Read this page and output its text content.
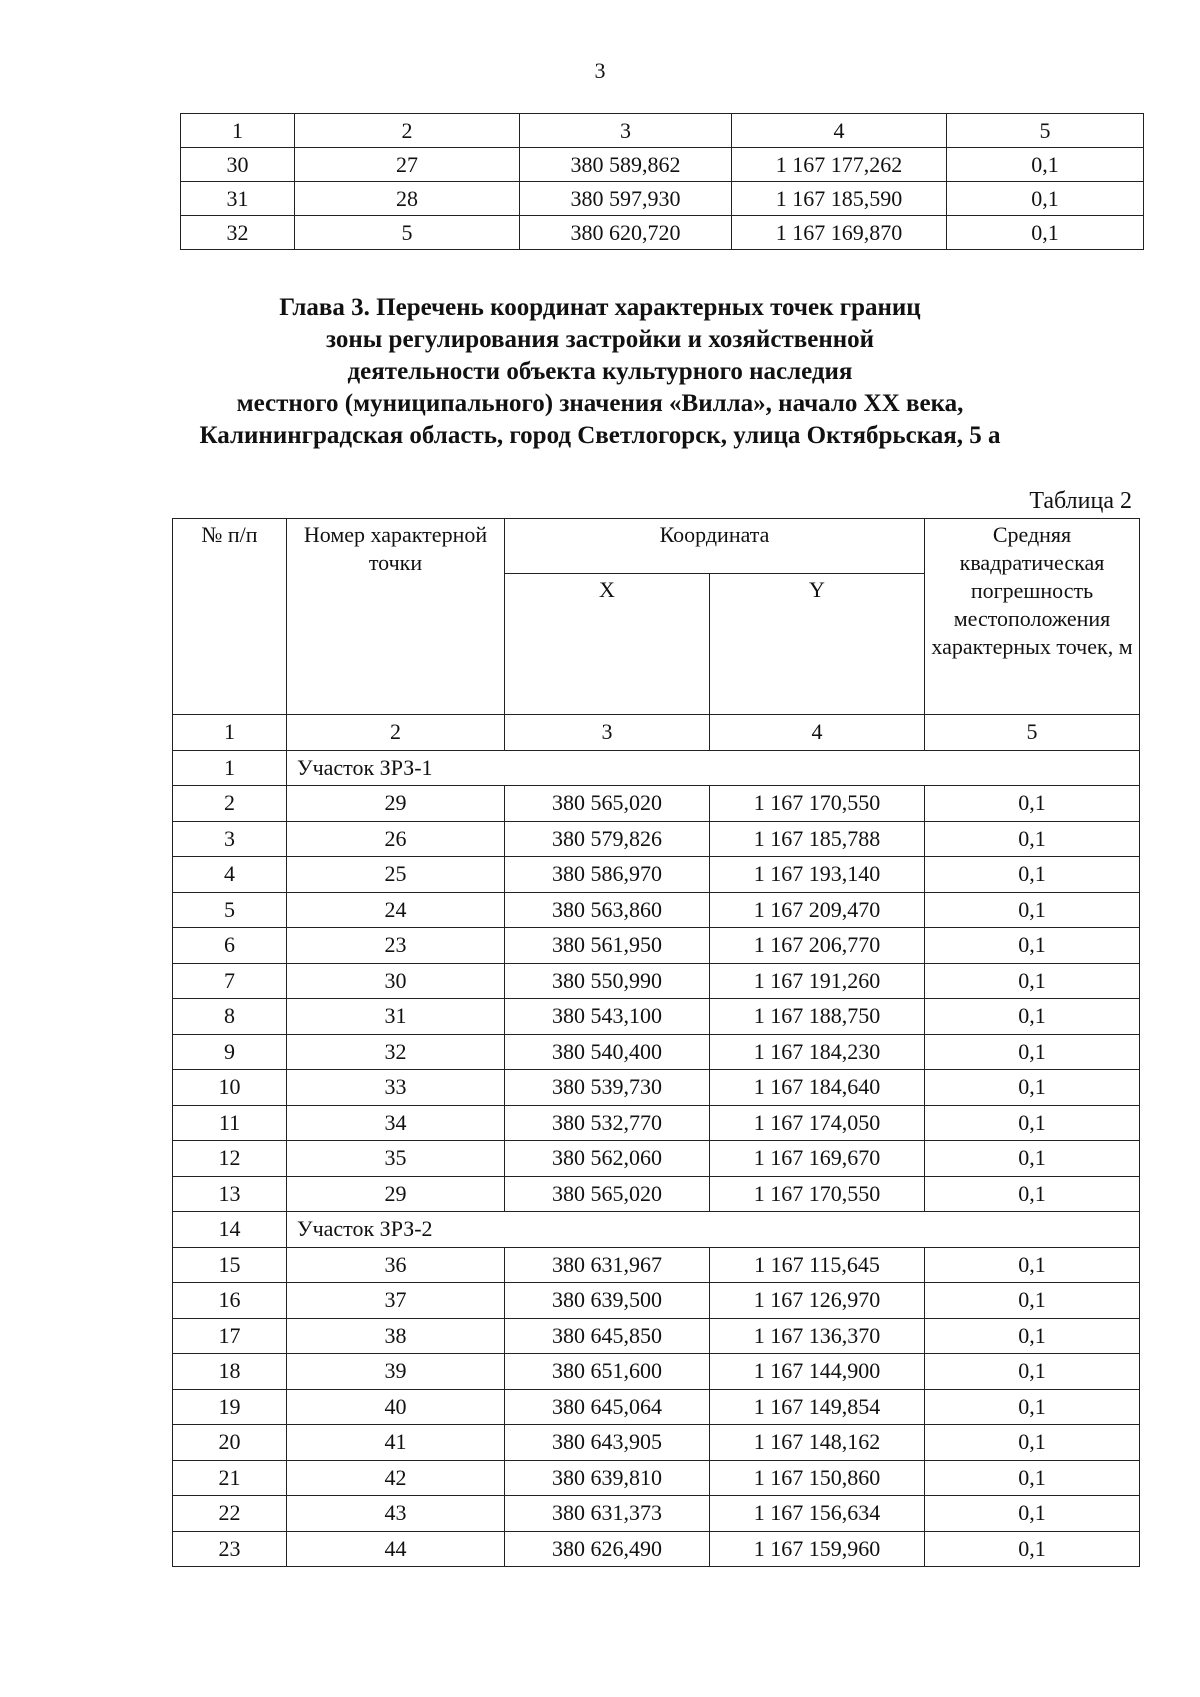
3
1	2	3	4	5
30	27	380 589,862	1 167 177,262	0,1
31	28	380 597,930	1 167 185,590	0,1
32	5	380 620,720	1 167 169,870	0,1
Глава 3. Перечень координат характерных точек границ
зоны регулирования застройки и хозяйственной
деятельности объекта культурного наследия
местного (муниципального) значения «Вилла», начало XX века,
Калининградская область, город Светлогорск, улица Октябрьская, 5 а
Таблица 2
№ п/п	Номер характерной точки	Координата		Средняя квадратическая погрешность местоположения характерных точек, м
		X	Y	
1	2	3	4	5
1	Участок ЗРЗ-1			
2	29	380 565,020	1 167 170,550	0,1
3	26	380 579,826	1 167 185,788	0,1
4	25	380 586,970	1 167 193,140	0,1
5	24	380 563,860	1 167 209,470	0,1
6	23	380 561,950	1 167 206,770	0,1
7	30	380 550,990	1 167 191,260	0,1
8	31	380 543,100	1 167 188,750	0,1
9	32	380 540,400	1 167 184,230	0,1
10	33	380 539,730	1 167 184,640	0,1
11	34	380 532,770	1 167 174,050	0,1
12	35	380 562,060	1 167 169,670	0,1
13	29	380 565,020	1 167 170,550	0,1
14	Участок ЗРЗ-2			
15	36	380 631,967	1 167 115,645	0,1
16	37	380 639,500	1 167 126,970	0,1
17	38	380 645,850	1 167 136,370	0,1
18	39	380 651,600	1 167 144,900	0,1
19	40	380 645,064	1 167 149,854	0,1
20	41	380 643,905	1 167 148,162	0,1
21	42	380 639,810	1 167 150,860	0,1
22	43	380 631,373	1 167 156,634	0,1
23	44	380 626,490	1 167 159,960	0,1
